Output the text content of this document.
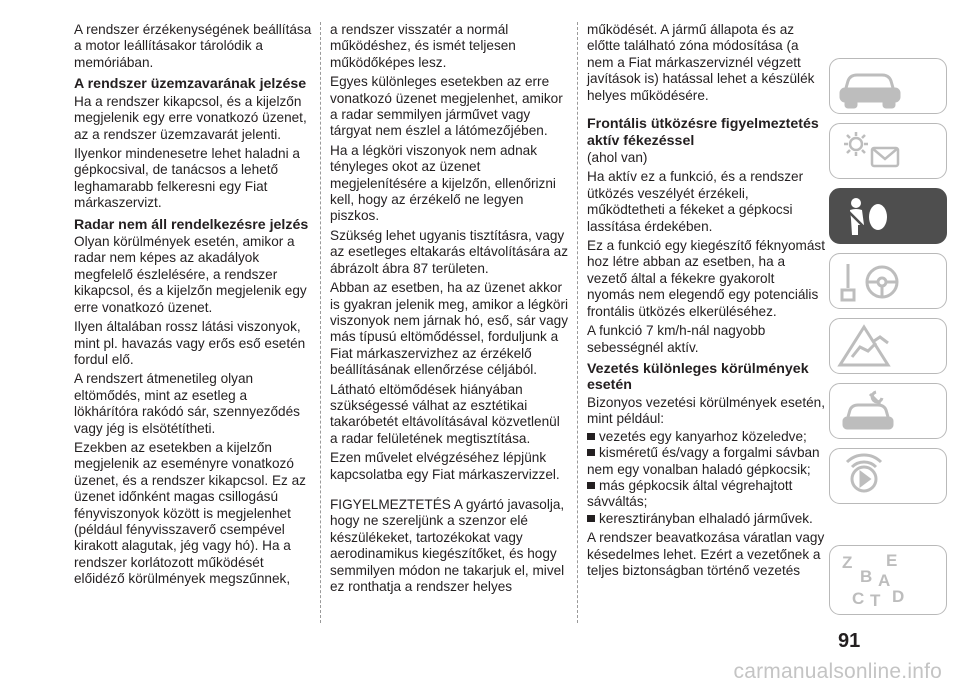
A rendszer érzékenységének beállítása a motor leállításakor tárolódik a memóriában.

A rendszer üzemzavarának jelzése

Ha a rendszer kikapcsol, és a kijelzőn megjelenik egy erre vonatkozó üzenet, az a rendszer üzemzavarát jelenti.

Ilyenkor mindenesetre lehet haladni a gépkocsival, de tanácsos a lehető leghamarabb felkeresni egy Fiat márkaszervizt.

Radar nem áll rendelkezésre jelzés

Olyan körülmények esetén, amikor a radar nem képes az akadályok megfelelő észlelésére, a rendszer kikapcsol, és a kijelzőn megjelenik egy erre vonatkozó üzenet.

Ilyen általában rossz látási viszonyok, mint pl. havazás vagy erős eső esetén fordul elő.

A rendszert átmenetileg olyan eltömődés, mint az esetleg a lökhárítóra rakódó sár, szennyeződés vagy jég is elsötétítheti.

Ezekben az esetekben a kijelzőn megjelenik az eseményre vonatkozó üzenet, és a rendszer kikapcsol. Ez az üzenet időnként magas csillogású fényviszonyok között is megjelenhet (például fényvisszaverő csempével kirakott alagutak, jég vagy hó). Ha a rendszer korlátozott működését előidéző körülmények megszűnnek,

a rendszer visszatér a normál működéshez, és ismét teljesen működőképes lesz.

Egyes különleges esetekben az erre vonatkozó üzenet megjelenhet, amikor a radar semmilyen járművet vagy tárgyat nem észlel a látómezőjében.

Ha a légköri viszonyok nem adnak tényleges okot az üzenet megjelenítésére a kijelzőn, ellenőrizni kell, hogy az érzékelő ne legyen piszkos.

Szükség lehet ugyanis tisztításra, vagy az esetleges eltakarás eltávolítására az ábrázolt ábra 87 területen.

Abban az esetben, ha az üzenet akkor is gyakran jelenik meg, amikor a légköri viszonyok nem járnak hó, eső, sár vagy más típusú eltömődéssel, forduljunk a Fiat márkaszervizhez az érzékelő beállításának ellenőrzése céljából.

Látható eltömődések hiányában szükségessé válhat az esztétikai takaróbetét eltávolításával közvetlenül a radar felületének megtisztítása.

Ezen művelet elvégzéséhez lépjünk kapcsolatba egy Fiat márkaszervizzel.

FIGYELMEZTETÉS A gyártó javasolja, hogy ne szereljünk a szenzor elé készülékeket, tartozékokat vagy aerodinamikus kiegészítőket, és hogy semmilyen módon ne takarjuk el, mivel ez ronthatja a rendszer helyes

működését. A jármű állapota és az előtte található zóna módosítása (a nem a Fiat márkaszerviznél végzett javítások is) hatással lehet a készülék helyes működésére.

Frontális ütközésre figyelmeztetés aktív fékezéssel

(ahol van)

Ha aktív ez a funkció, és a rendszer ütközés veszélyét érzékeli, működtetheti a fékeket a gépkocsi lassítása érdekében.

Ez a funkció egy kiegészítő féknyomást hoz létre abban az esetben, ha a vezető által a fékekre gyakorolt nyomás nem elegendő egy potenciális frontális ütközés elkerüléséhez.

A funkció 7 km/h-nál nagyobb sebességnél aktív.

Vezetés különleges körülmények esetén

Bizonyos vezetési körülmények esetén, mint például:

vezetés egy kanyarhoz közeledve;
kisméretű és/vagy a forgalmi sávban nem egy vonalban haladó gépkocsik;
más gépkocsik által végrehajtott sávváltás;
keresztirányban elhaladó járművek.

A rendszer beavatkozása váratlan vagy késedelmes lehet. Ezért a vezetőnek a teljes biztonságban történő vezetés	Z
B
E
A
C D
T
91
carmanualsonline.info
